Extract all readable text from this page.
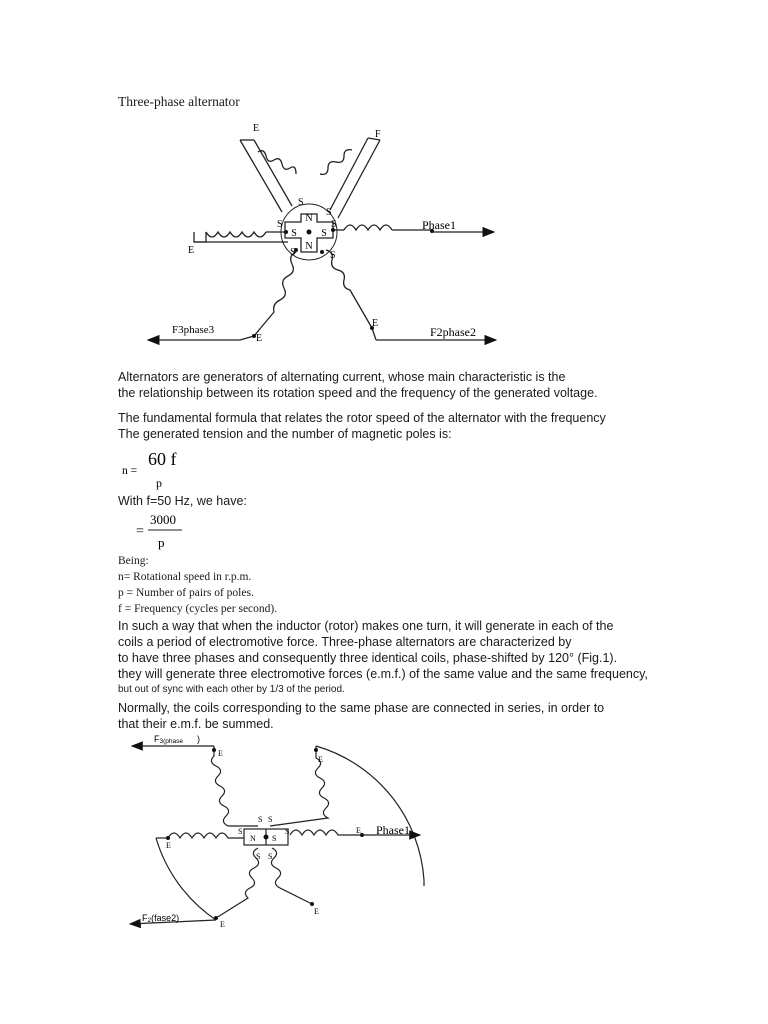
Three-phase alternator
N
N
S S
S
S	S
S
S	S
E
F
E
E
E
Phase1
F3phase3	F2phase2
n =
60 f
p
=
3000
p
N S
S S
S	S
S S
E
E
E
E
E
E
F3(phase )
Phase1
F2(fase2)
Alternators are generators of alternating current, whose main characteristic is the
the relationship between its rotation speed and the frequency of the generated voltage.
The fundamental formula that relates the rotor speed of the alternator with the frequency
The generated tension and the number of magnetic poles is:
With f=50 Hz, we have:
Being:
n= Rotational speed in r.p.m.
p = Number of pairs of poles.
f = Frequency (cycles per second).
In such a way that when the inductor (rotor) makes one turn, it will generate in each of the
coils a period of electromotive force. Three-phase alternators are characterized by
to have three phases and consequently three identical coils, phase-shifted by 120° (Fig.1).
they will generate three electromotive forces (e.m.f.) of the same value and the same frequency,
but out of sync with each other by 1/3 of the period.
Normally, the coils corresponding to the same phase are connected in series, in order to
that their e.m.f. be summed.
